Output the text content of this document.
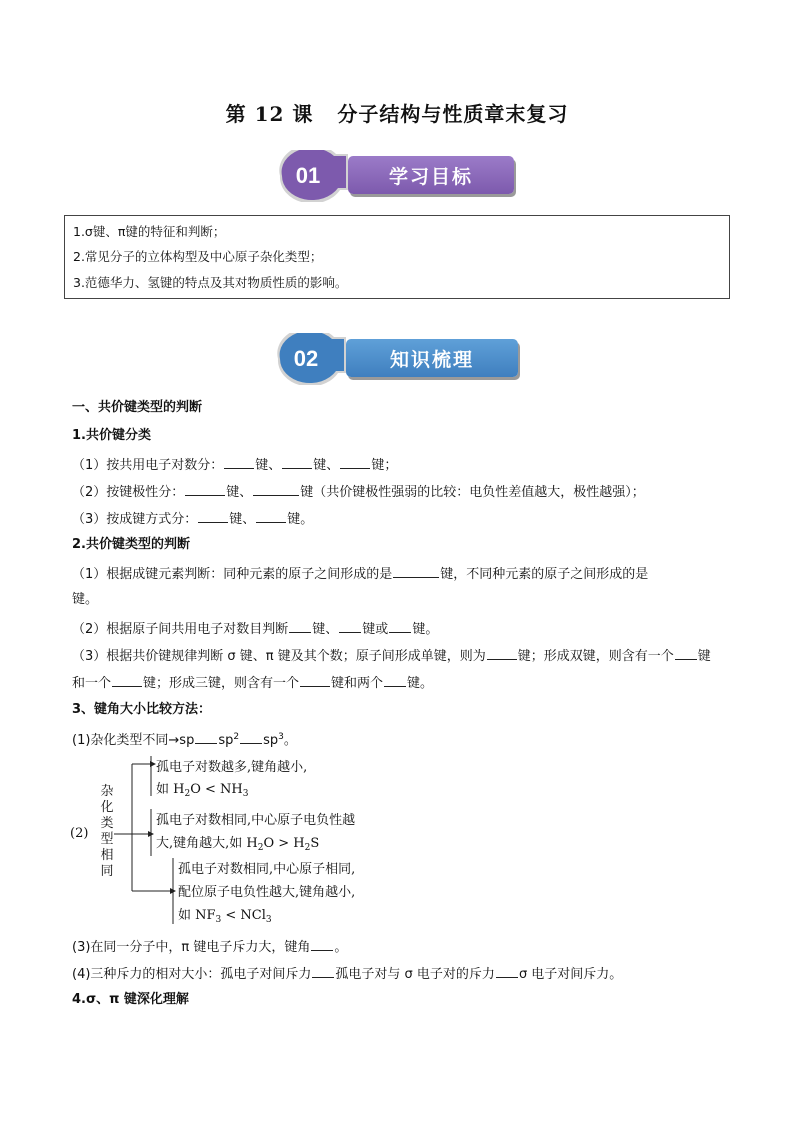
第 12 课 分子结构与性质章末复习
01	学习目标
1.σ键、π键的特征和判断；
2.常见分子的立体构型及中心原子杂化类型；
3.范德华力、氢键的特点及其对物质性质的影响。
02	知识梳理
一、共价键类型的判断
1.共价键分类
（1）按共用电子对数分： 键、 键、 键；
（2）按键极性分：	键、	键（共价键极性强弱的比较：电负性差值越大，极性越强）；
（3）按成键方式分： 键、 键。
2.共价键类型的判断
（1）根据成键元素判断：同种元素的原子之间形成的是	键，不同种元素的原子之间形成的是
键。
（2）根据原子间共用电子对数目判断 键、 键或 键。
（3）根据共价键规律判断 σ 键、π 键及其个数；原子间形成单键，则为 键；形成双键，则含有一个 键
和一个 键；形成三键，则含有一个 键和两个 键。
3、键角大小比较方法：
(1)杂化类型不同→sp $sp^2$ $sp^3$。
(2)
杂化类型相同
孤电子对数越多,键角越小,
如 $H_2O < NH_3$
孤电子对数相同,中心原子电负性越
大,键角越大,如 $H_2O > H_2S$
孤电子对数相同,中心原子相同,
配位原子电负性越大,键角越小,
如 $NF_3 < NCl_3$
(3)在同一分子中，π 键电子斥力大，键角 。
(4)三种斥力的相对大小：孤电子对间斥力 孤电子对与 σ 电子对的斥力 σ 电子对间斥力。
4.σ、π 键深化理解
